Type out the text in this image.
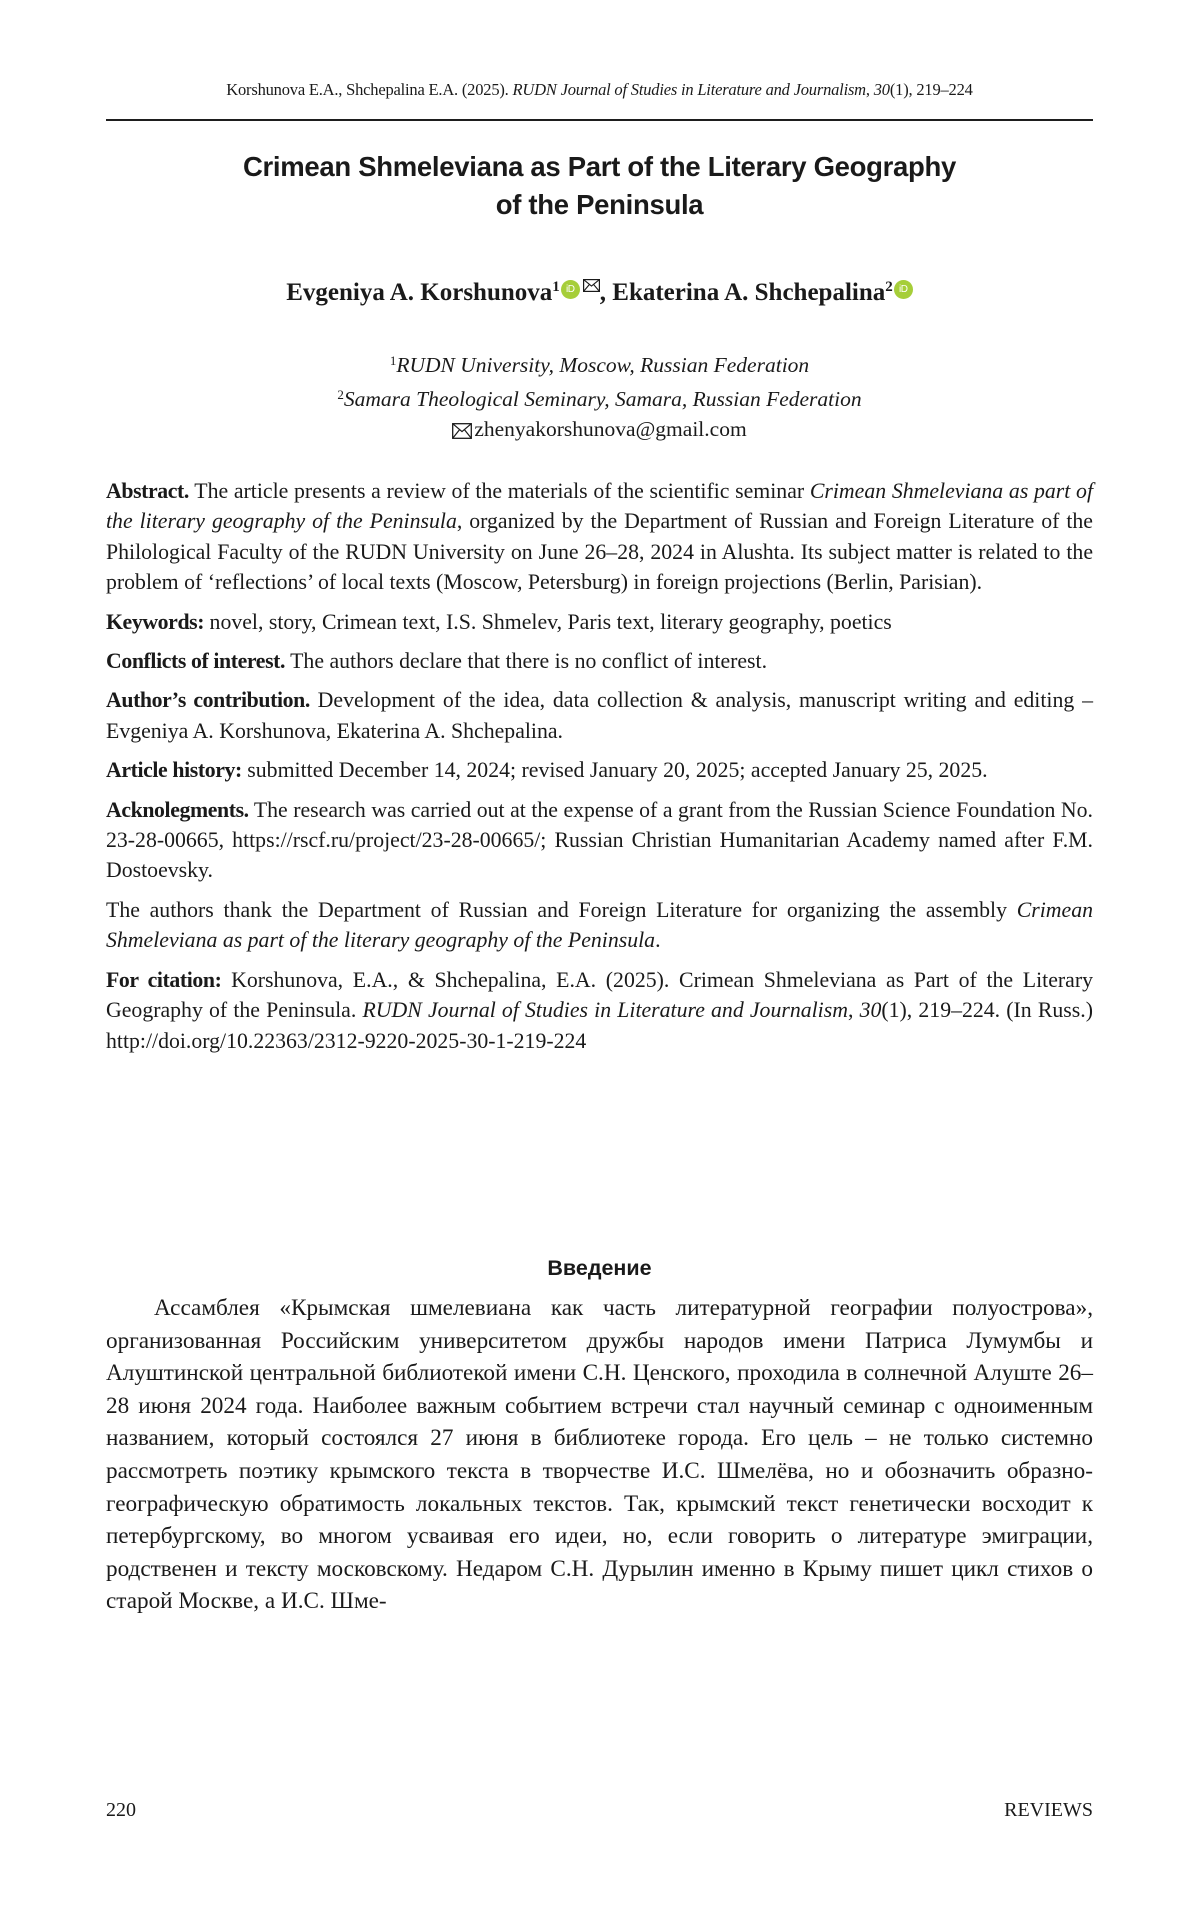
Korshunova E.A., Shchepalina E.A. (2025). RUDN Journal of Studies in Literature and Journalism, 30(1), 219–224
Crimean Shmeleviana as Part of the Literary Geography
of the Peninsula
Evgeniya A. Korshunova$^1$ iD , Ekaterina A. Shchepalina$^2$ iD
$^1$RUDN University, Moscow, Russian Federation
$^2$Samara Theological Seminary, Samara, Russian Federation
zhenyakorshunova@gmail.com

Abstract. The article presents a review of the materials of the scientific seminar Crimean Shmeleviana as part of the literary geography of the Peninsula, organized by the Department of Russian and Foreign Literature of the Philological Faculty of the RUDN University on June 26–28, 2024 in Alushta. Its subject matter is related to the problem of ‘reflections’ of local texts (Moscow, Petersburg) in foreign projections (Berlin, Parisian).

Keywords: novel, story, Crimean text, I.S. Shmelev, Paris text, literary geography, poetics

Conflicts of interest. The authors declare that there is no conflict of interest.

Author’s contribution. Development of the idea, data collection & analysis, manuscript writing and editing – Evgeniya A. Korshunova, Ekaterina A. Shchepalina.

Article history: submitted December 14, 2024; revised January 20, 2025; accepted January 25, 2025.

Acknolegments. The research was carried out at the expense of a grant from the Russian Science Foundation No. 23-28-00665, https://rscf.ru/project/23-28-00665/; Russian Christian Humanitarian Academy named after F.M. Dostoevsky.

The authors thank the Department of Russian and Foreign Literature for organizing the assembly Crimean Shmeleviana as part of the literary geography of the Peninsula.

For citation: Korshunova, E.A., & Shchepalina, E.A. (2025). Crimean Shmeleviana as Part of the Literary Geography of the Peninsula. RUDN Journal of Studies in Literature and Journalism, 30(1), 219–224. (In Russ.) http://doi.org/10.22363/2312-9220-2025-30-1-219-224

Введение

Ассамблея «Крымская шмелевиана как часть литературной географии полуострова», организованная Российским университетом дружбы народов имени Патриса Лумумбы и Алуштинской центральной библиотекой имени С.Н. Ценского, проходила в солнечной Алуште 26–28 июня 2024 года. Наиболее важным событием встречи стал научный семинар с одноименным названием, который состоялся 27 июня в библиотеке города. Его цель – не только системно рассмотреть поэтику крымского текста в творчестве И.С. Шмелёва, но и обозначить образно-географическую обратимость локальных текстов. Так, крымский текст генетически восходит к петербургскому, во многом усваивая его идеи, но, если говорить о литературе эмиграции, родственен и тексту московскому. Недаром С.Н. Дурылин именно в Крыму пишет цикл стихов о старой Москве, а И.С. Шме-

220	REVIEWS
